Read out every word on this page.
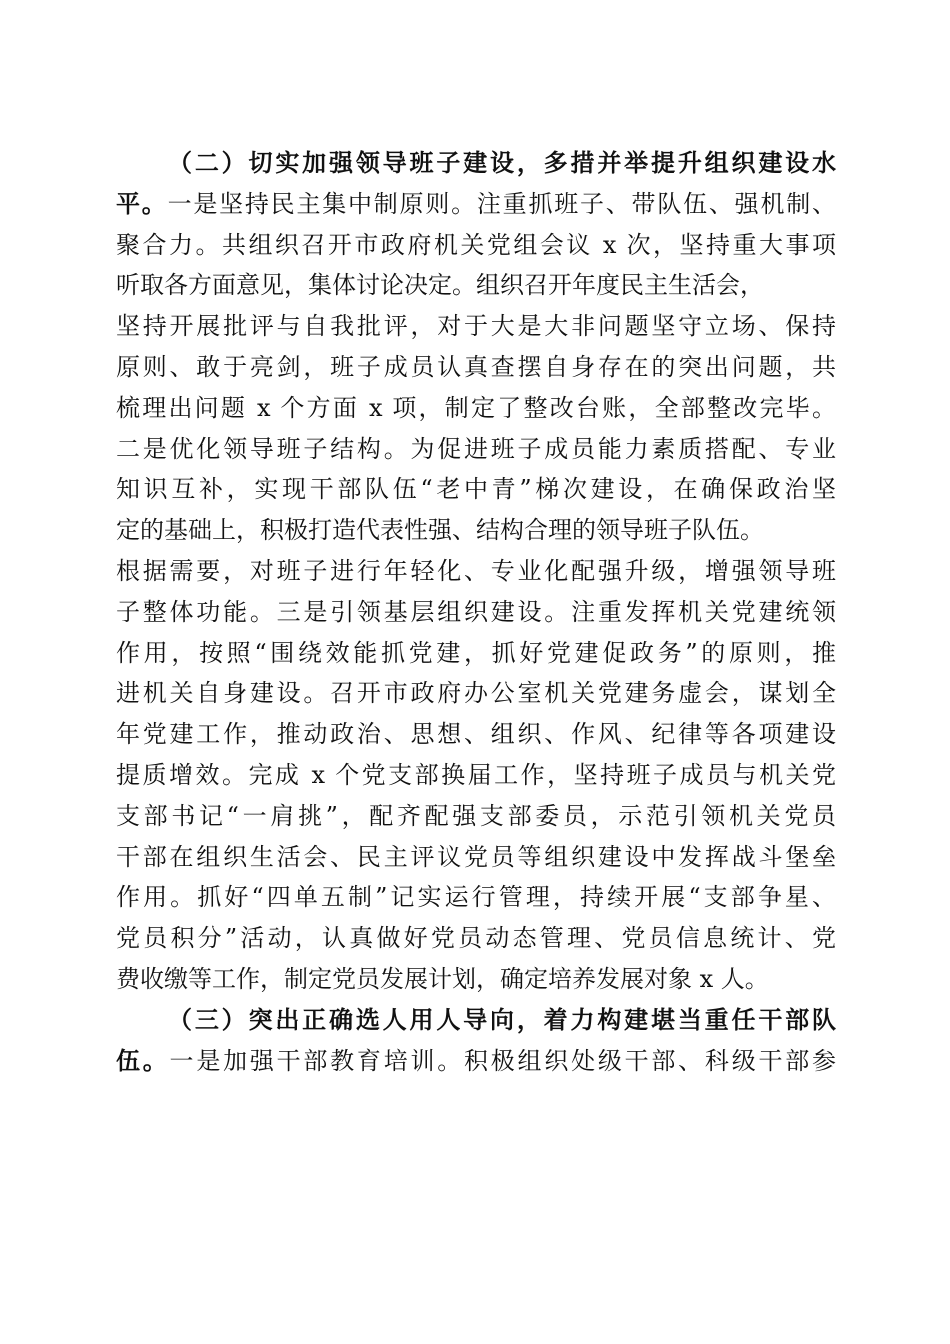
（二）切实加强领导班子建设，多措并举提升组织建设水
平。一是坚持民主集中制原则。注重抓班子、带队伍、强机制、
聚合力。共组织召开市政府机关党组会议 x 次，坚持重大事项
听取各方面意见，集体讨论决定。组织召开年度民主生活会，
坚持开展批评与自我批评，对于大是大非问题坚守立场、保持
原则、敢于亮剑，班子成员认真查摆自身存在的突出问题，共
梳理出问题 x 个方面 x 项，制定了整改台账，全部整改完毕。
二是优化领导班子结构。为促进班子成员能力素质搭配、专业
知识互补，实现干部队伍“老中青”梯次建设，在确保政治坚
定的基础上，积极打造代表性强、结构合理的领导班子队伍。
根据需要，对班子进行年轻化、专业化配强升级，增强领导班
子整体功能。三是引领基层组织建设。注重发挥机关党建统领
作用，按照“围绕效能抓党建，抓好党建促政务”的原则，推
进机关自身建设。召开市政府办公室机关党建务虚会，谋划全
年党建工作，推动政治、思想、组织、作风、纪律等各项建设
提质增效。完成 x 个党支部换届工作，坚持班子成员与机关党
支部书记“一肩挑”，配齐配强支部委员，示范引领机关党员
干部在组织生活会、民主评议党员等组织建设中发挥战斗堡垒
作用。抓好“四单五制”记实运行管理，持续开展“支部争星、
党员积分”活动，认真做好党员动态管理、党员信息统计、党
费收缴等工作，制定党员发展计划，确定培养发展对象 x 人。
（三）突出正确选人用人导向，着力构建堪当重任干部队
伍。一是加强干部教育培训。积极组织处级干部、科级干部参
